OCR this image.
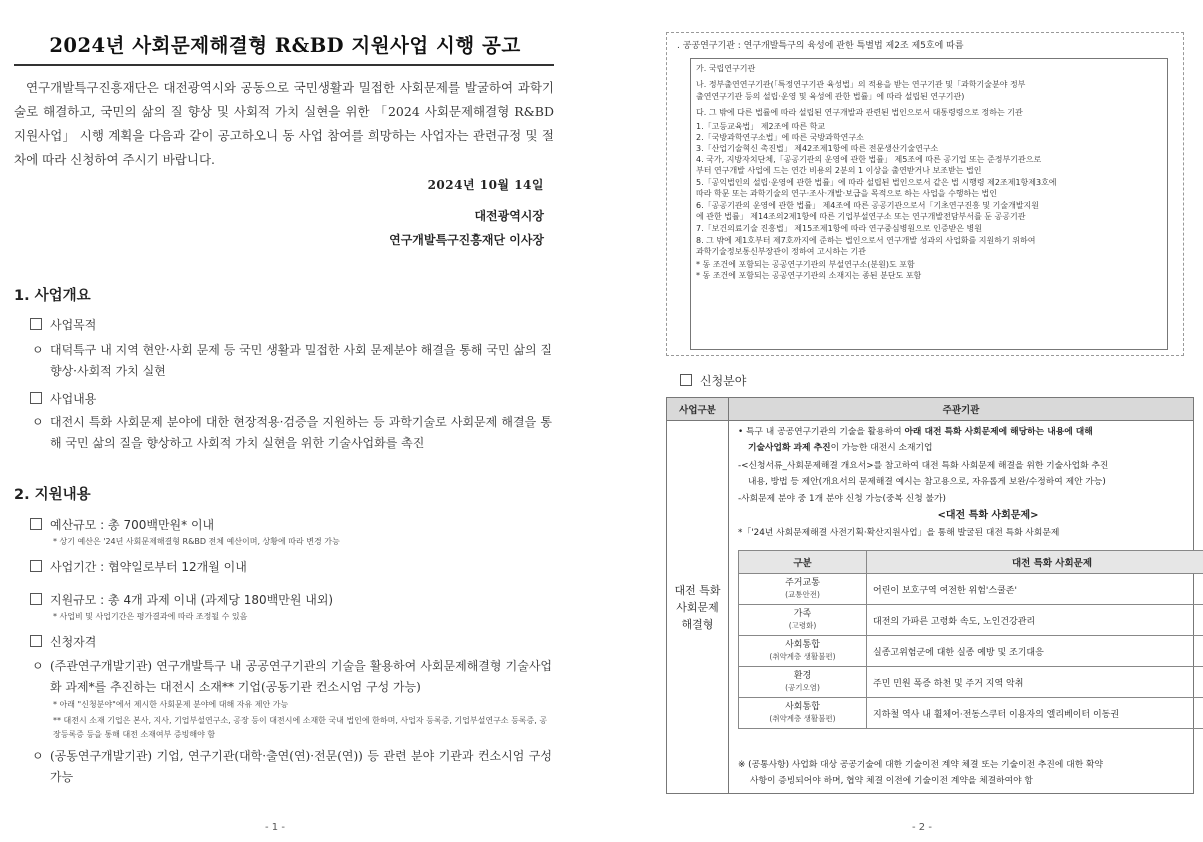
2024년 사회문제해결형 R&BD 지원사업 시행 공고

연구개발특구진흥재단은 대전광역시와 공동으로 국민생활과 밀접한 사회문제를 발굴하여 과학기술로 해결하고, 국민의 삶의 질 향상 및 사회적 가치 실현을 위한 「2024 사회문제해결형 R&BD 지원사업」 시행 계획을 다음과 같이 공고하오니 동 사업 참여를 희망하는 사업자는 관련규정 및 절차에 따라 신청하여 주시기 바랍니다.

2024년 10월 14일
대전광역시장
연구개발특구진흥재단 이사장
1. 사업개요
사업목적
ㅇ 대덕특구 내 지역 현안·사회 문제 등 국민 생활과 밀접한 사회 문제분야 해결을 통해 국민 삶의 질 향상·사회적 가치 실현
사업내용
ㅇ 대전시 특화 사회문제 분야에 대한 현장적용·검증을 지원하는 등 과학기술로 사회문제 해결을 통해 국민 삶의 질을 향상하고 사회적 가치 실현을 위한 기술사업화를 촉진
2. 지원내용
예산규모 : 총 700백만원* 이내
* 상기 예산은 '24년 사회문제해결형 R&BD 전체 예산이며, 상황에 따라 변경 가능
사업기간 : 협약일로부터 12개월 이내
지원규모 : 총 4개 과제 이내 (과제당 180백만원 내외)
* 사업비 및 사업기간은 평가결과에 따라 조정될 수 있음
신청자격
ㅇ (주관연구개발기관) 연구개발특구 내 공공연구기관의 기술을 활용하여 사회문제해결형 기술사업화 과제*를 추진하는 대전시 소재** 기업(공동기관 컨소시엄 구성 가능)
* 아래 "신청분야"에서 제시한 사회문제 분야에 대해 자유 제안 가능
** 대전시 소재 기업은 본사, 지사, 기업부설연구소, 공장 등이 대전시에 소재한 국내 법인에 한하며, 사업자 등록증, 기업부설연구소 등록증, 공장등록증 등을 통해 대전 소재여부 증빙해야 함
ㅇ (공동연구개발기관) 기업, 연구기관(대학·출연(연)·전문(연)) 등 관련 분야 기관과 컨소시엄 구성 가능
- 1 -
. 공공연구기관 : 연구개발특구의 육성에 관한 특별법 제2조 제5호에 따름
가. 국립연구기관
나. 정부출연연구기관(「특정연구기관 육성법」의 적용을 받는 연구기관 및「과학기술분야 정부
출연연구기관 등의 설립·운영 및 육성에 관한 법률」에 따라 설립된 연구기관)
다. 그 밖에 다른 법률에 따라 설립된 연구개발과 관련된 법인으로서 대통령령으로 정하는 기관
1.「고등교육법」 제2조에 따른 학교
2.「국방과학연구소법」에 따른 국방과학연구소
3.「산업기술혁신 촉진법」 제42조제1항에 따른 전문생산기술연구소
4. 국가, 지방자치단체,「공공기관의 운영에 관한 법률」 제5조에 따른 공기업 또는 준정부기관으로
부터 연구개발 사업에 드는 연간 비용의 2분의 1 이상을 출연받거나 보조받는 법인
5.「공익법인의 설립·운영에 관한 법률」에 따라 설립된 법인으로서 같은 법 시행령 제2조제1항제3호에
따라 학문 또는 과학기술의 연구·조사·개발·보급을 목적으로 하는 사업을 수행하는 법인
6.「공공기관의 운영에 관한 법률」 제4조에 따른 공공기관으로서「기초연구진흥 및 기술개발지원
에 관한 법률」 제14조의2제1항에 따른 기업부설연구소 또는 연구개발전담부서를 둔 공공기관
7.「보건의료기술 진흥법」 제15조제1항에 따라 연구중심병원으로 인증받은 병원
8. 그 밖에 제1호부터 제7호까지에 준하는 법인으로서 연구개발 성과의 사업화를 지원하기 위하여
과학기술정보통신부장관이 정하여 고시하는 기관
* 동 조건에 포함되는 공공연구기관의 부설연구소(분원)도 포함
* 동 조건에 포함되는 공공연구기관의 소재지는 종된 분단도 포함
신청분야
사업구분	주관기관

대전 특화
사회문제
해결형

• 특구 내 공공연구기관의 기술을 활용하여 아래 대전 특화 사회문제에 해당하는 내용에 대해
기술사업화 과제 추진이 가능한 대전시 소재기업
-<신청서류_사회문제해결 개요서>를 참고하여 대전 특화 사회문제 해결을 위한 기술사업화 추진
내용, 방법 등 제안(개요서의 문제해결 예시는 참고용으로, 자유롭게 보완/수정하여 제안 가능)
-사회문제 분야 중 1개 분야 신청 가능(중복 신청 불가)
<대전 특화 사회문제>
*「'24년 사회문제해결 사전기획·확산지원사업」을 통해 발굴된 대전 특화 사회문제
구분	대전 특화 사회문제
주거교통
(교통안전)	어린이 보호구역 여전한 위험'스쿨존'
가족
(고령화)	대전의 가파른 고령화 속도, 노인건강관리
사회통합
(취약계층 생활불편)	실종고위험군에 대한 실종 예방 및 조기대응
환경
(공기오염)	주민 민원 폭증 하천 및 주거 지역 악취
사회통합
(취약계층 생활불편)	지하철 역사 내 휠체어·전동스쿠터 이용자의 엘리베이터 이동권
※ (공통사항) 사업화 대상 공공기술에 대한 기술이전 계약 체결 또는 기술이전 추진에 대한 확약
사항이 증빙되어야 하며, 협약 체결 이전에 기술이전 계약을 체결하여야 함
- 2 -
